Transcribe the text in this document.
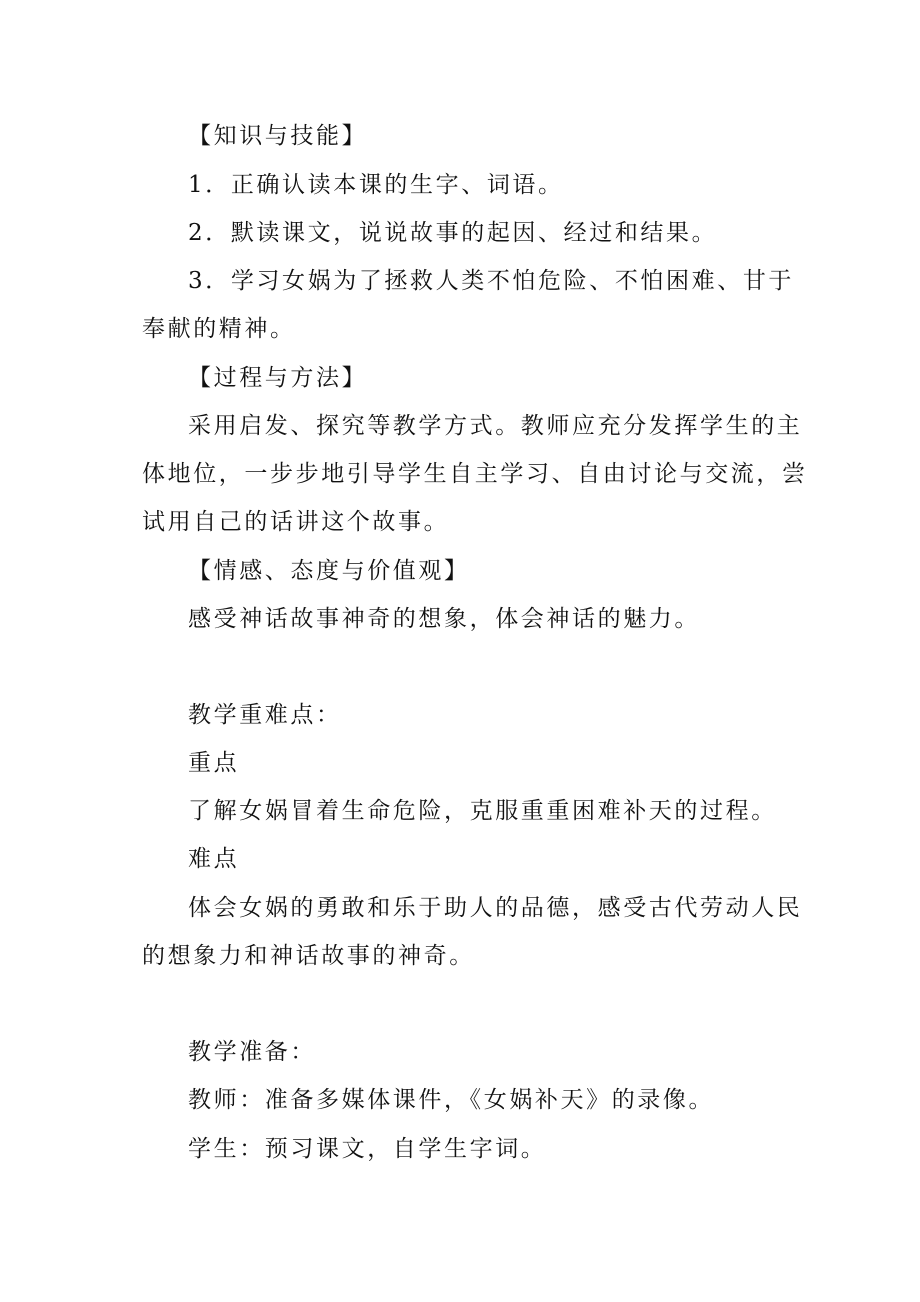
【知识与技能】
1．正确认读本课的生字、词语。
2．默读课文，说说故事的起因、经过和结果。
3．学习女娲为了拯救人类不怕危险、不怕困难、甘于
奉献的精神。
【过程与方法】
采用启发、探究等教学方式。教师应充分发挥学生的主
体地位，一步步地引导学生自主学习、自由讨论与交流，尝
试用自己的话讲这个故事。
【情感、态度与价值观】
感受神话故事神奇的想象，体会神话的魅力。
教学重难点：
重点
了解女娲冒着生命危险，克服重重困难补天的过程。
难点
体会女娲的勇敢和乐于助人的品德，感受古代劳动人民
的想象力和神话故事的神奇。
教学准备：
教师：准备多媒体课件，《女娲补天》的录像。
学生：预习课文，自学生字词。
